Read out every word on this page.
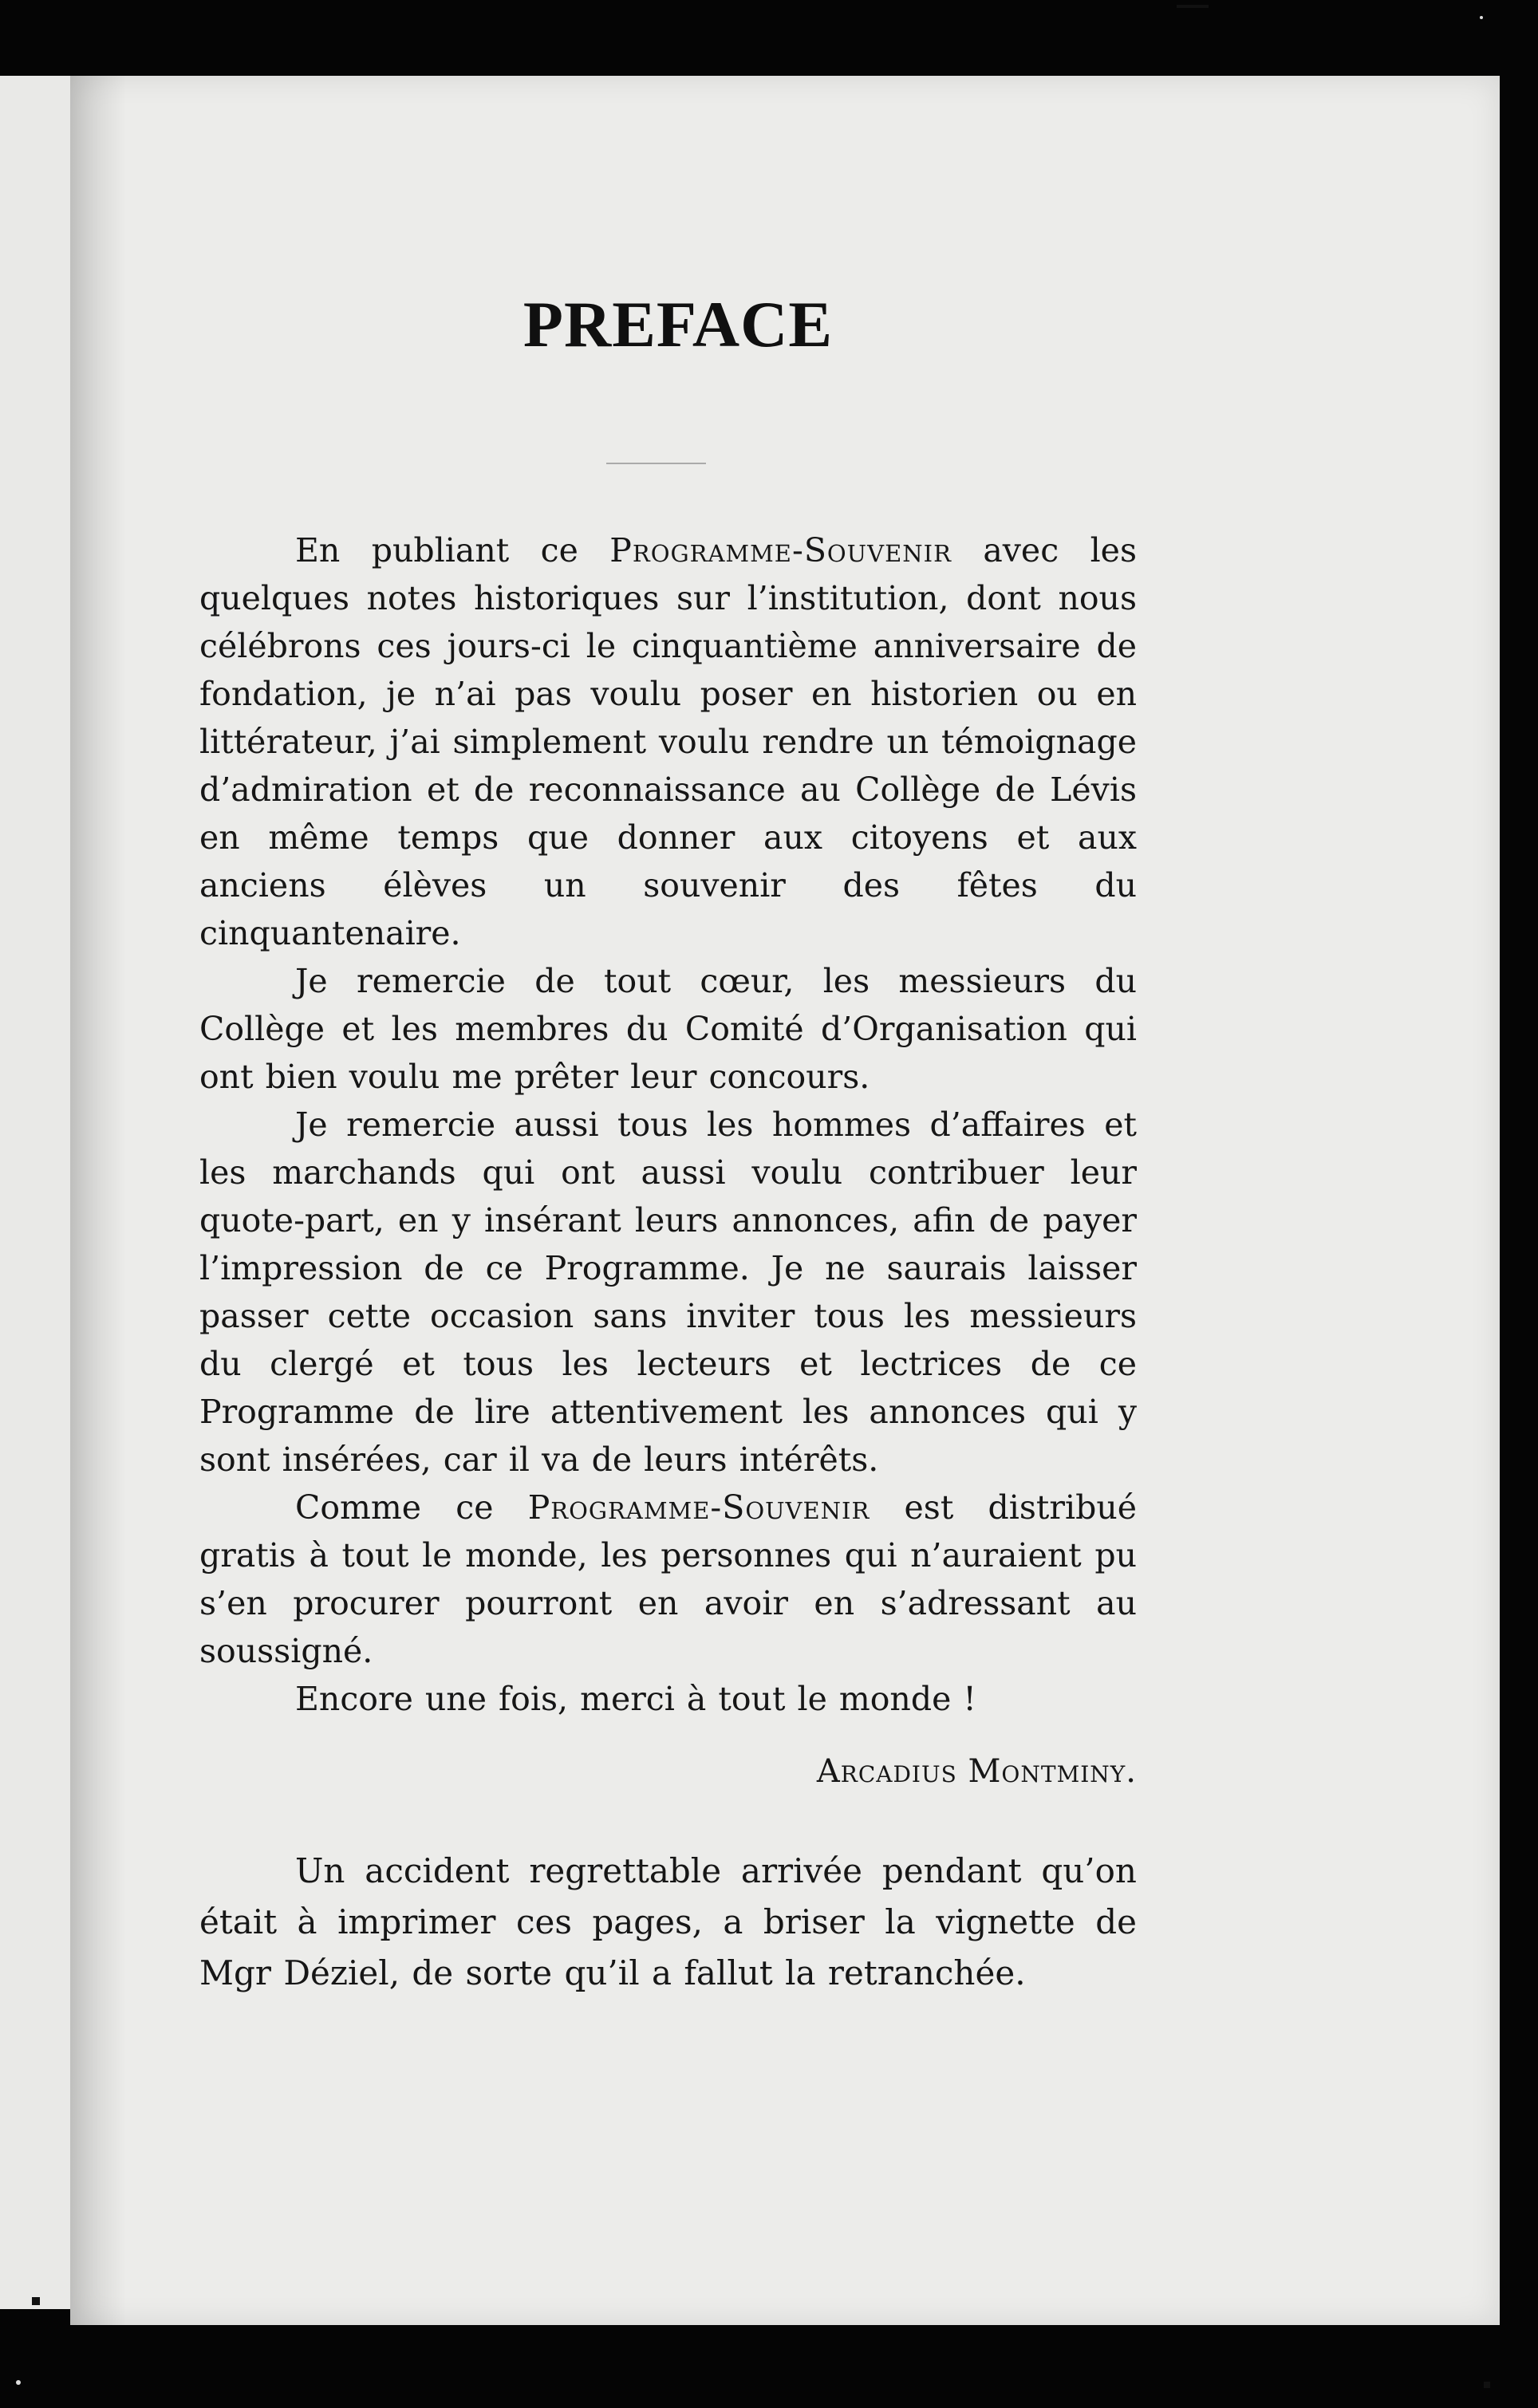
PREFACE

En publiant ce Programme-Souvenir avec les quelques notes historiques sur l’institution, dont nous célébrons ces jours-ci le cinquantième anniversaire de fondation, je n’ai pas voulu poser en historien ou en littérateur, j’ai simplement voulu rendre un témoignage d’admiration et de reconnaissance au Collège de Lévis en même temps que donner aux citoyens et aux anciens élèves un souvenir des fêtes du cinquantenaire.

Je remercie de tout cœur, les messieurs du Collège et les membres du Comité d’Organisation qui ont bien voulu me prêter leur concours.

Je remercie aussi tous les hommes d’affaires et les marchands qui ont aussi voulu contribuer leur quote-part, en y insérant leurs annonces, afin de payer l’impression de ce Programme. Je ne saurais laisser passer cette occasion sans inviter tous les messieurs du clergé et tous les lecteurs et lectrices de ce Programme de lire attentivement les annonces qui y sont insérées, car il va de leurs intérêts.

Comme ce Programme-Souvenir est distribué gratis à tout le monde, les personnes qui n’auraient pu s’en procurer pourront en avoir en s’adressant au soussigné.

Encore une fois, merci à tout le monde !

Arcadius Montminy.

Un accident regrettable arrivée pendant qu’on était à imprimer ces pages, a briser la vignette de Mgr Déziel, de sorte qu’il a fallut la retranchée.
